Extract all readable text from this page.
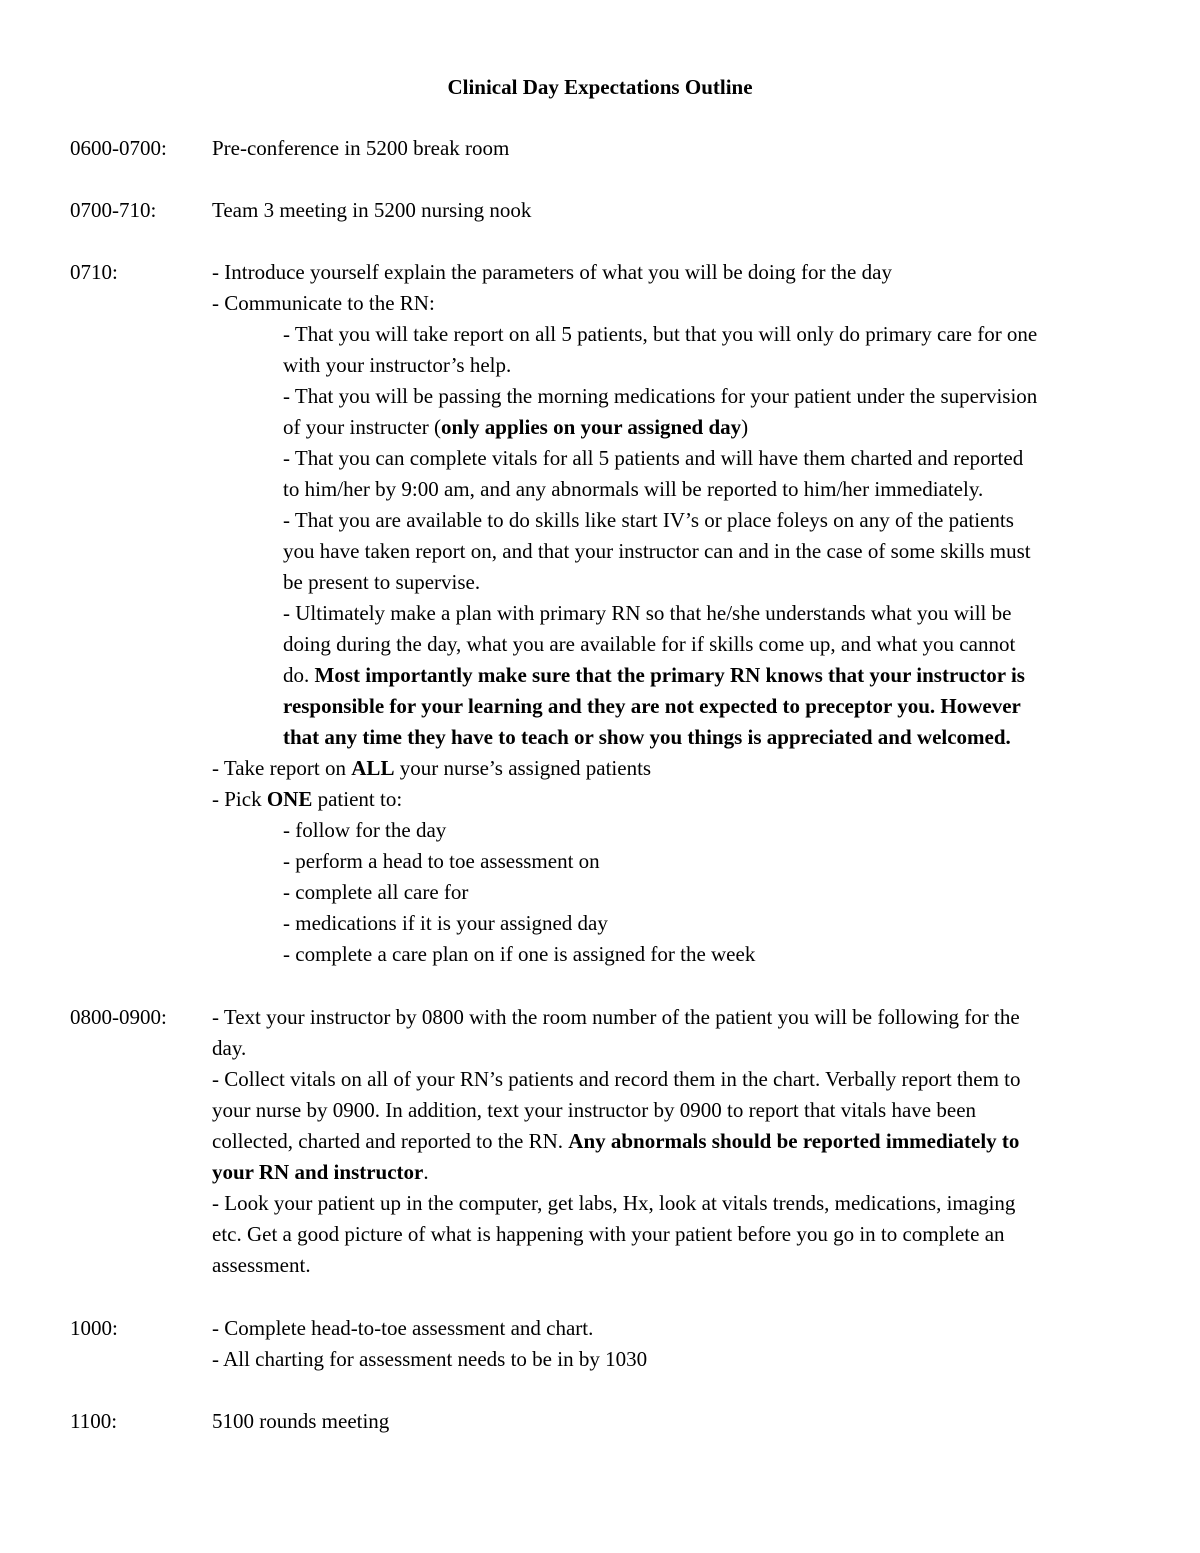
Clinical Day Expectations Outline
0600-0700:	Pre-conference in 5200 break room
0700-710:	Team 3 meeting in 5200 nursing nook
0710:	- Introduce yourself explain the parameters of what you will be doing for the day
- Communicate to the RN:
- That you will take report on all 5 patients, but that you will only do primary care for one
with your instructor’s help.
- That you will be passing the morning medications for your patient under the supervision
of your instructer (only applies on your assigned day)
- That you can complete vitals for all 5 patients and will have them charted and reported
to him/her by 9:00 am, and any abnormals will be reported to him/her immediately.
- That you are available to do skills like start IV’s or place foleys on any of the patients
you have taken report on, and that your instructor can and in the case of some skills must
be present to supervise.
- Ultimately make a plan with primary RN so that he/she understands what you will be
doing during the day, what you are available for if skills come up, and what you cannot
do. Most importantly make sure that the primary RN knows that your instructor is
responsible for your learning and they are not expected to preceptor you. However
that any time they have to teach or show you things is appreciated and welcomed.
- Take report on ALL your nurse’s assigned patients
- Pick ONE patient to:
- follow for the day
- perform a head to toe assessment on
- complete all care for
- medications if it is your assigned day
- complete a care plan on if one is assigned for the week
0800-0900:	- Text your instructor by 0800 with the room number of the patient you will be following for the
day.
- Collect vitals on all of your RN’s patients and record them in the chart. Verbally report them to
your nurse by 0900. In addition, text your instructor by 0900 to report that vitals have been
collected, charted and reported to the RN. Any abnormals should be reported immediately to
your RN and instructor.
- Look your patient up in the computer, get labs, Hx, look at vitals trends, medications, imaging
etc. Get a good picture of what is happening with your patient before you go in to complete an
assessment.
1000:	- Complete head-to-toe assessment and chart.
- All charting for assessment needs to be in by 1030
1100:	5100 rounds meeting
